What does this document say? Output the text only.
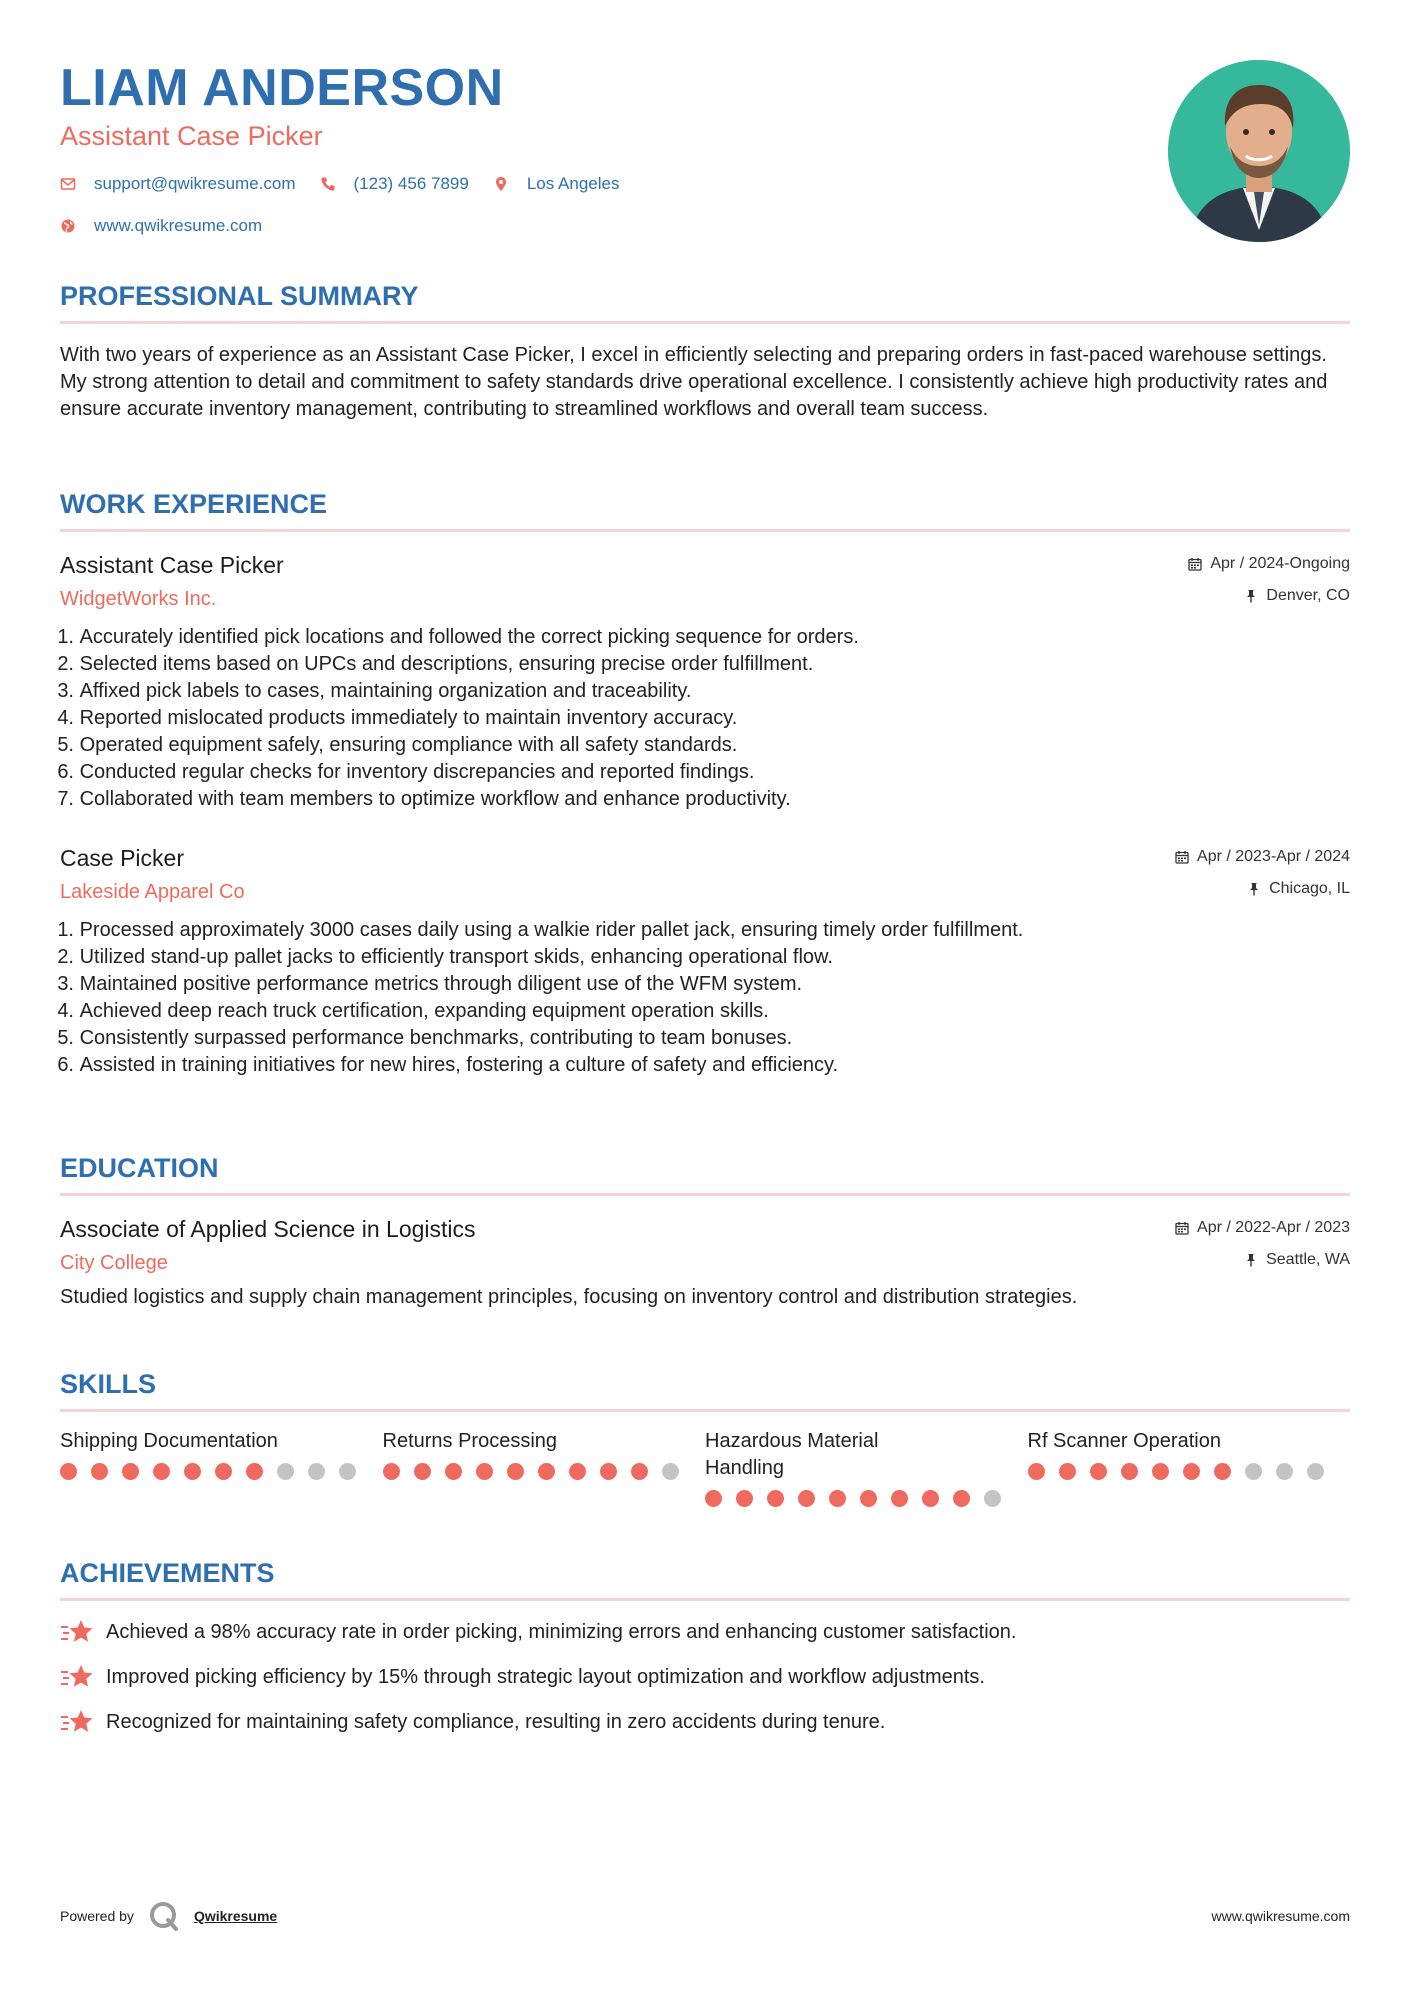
LIAM ANDERSON
Assistant Case Picker
support@qwikresume.com	(123) 456 7899	Los Angeles
www.qwikresume.com
PROFESSIONAL SUMMARY
With two years of experience as an Assistant Case Picker, I excel in efficiently selecting and preparing orders in fast-paced warehouse settings. My strong attention to detail and commitment to safety standards drive operational excellence. I consistently achieve high productivity rates and ensure accurate inventory management, contributing to streamlined workflows and overall team success.
WORK EXPERIENCE
Assistant Case Picker
WidgetWorks Inc.
Apr / 2024-Ongoing
Denver, CO
1.
Accurately identified pick locations and followed the correct picking sequence for orders.
2.
Selected items based on UPCs and descriptions, ensuring precise order fulfillment.
3.
Affixed pick labels to cases, maintaining organization and traceability.
4.
Reported mislocated products immediately to maintain inventory accuracy.
5.
Operated equipment safely, ensuring compliance with all safety standards.
6.
Conducted regular checks for inventory discrepancies and reported findings.
7.
Collaborated with team members to optimize workflow and enhance productivity.
Case Picker
Lakeside Apparel Co
Apr / 2023-Apr / 2024
Chicago, IL
1.
Processed approximately 3000 cases daily using a walkie rider pallet jack, ensuring timely order fulfillment.
2.
Utilized stand-up pallet jacks to efficiently transport skids, enhancing operational flow.
3.
Maintained positive performance metrics through diligent use of the WFM system.
4.
Achieved deep reach truck certification, expanding equipment operation skills.
5.
Consistently surpassed performance benchmarks, contributing to team bonuses.
6.
Assisted in training initiatives for new hires, fostering a culture of safety and efficiency.
EDUCATION
Associate of Applied Science in Logistics
City College
Apr / 2022-Apr / 2023
Seattle, WA
Studied logistics and supply chain management principles, focusing on inventory control and distribution strategies.
SKILLS
Shipping Documentation	Returns Processing	Hazardous Material Handling
Rf Scanner Operation
ACHIEVEMENTS
Achieved a 98% accuracy rate in order picking, minimizing errors and enhancing customer satisfaction.
Improved picking efficiency by 15% through strategic layout optimization and workflow adjustments.
Recognized for maintaining safety compliance, resulting in zero accidents during tenure.
Powered by	Qwikresume	www.qwikresume.com
